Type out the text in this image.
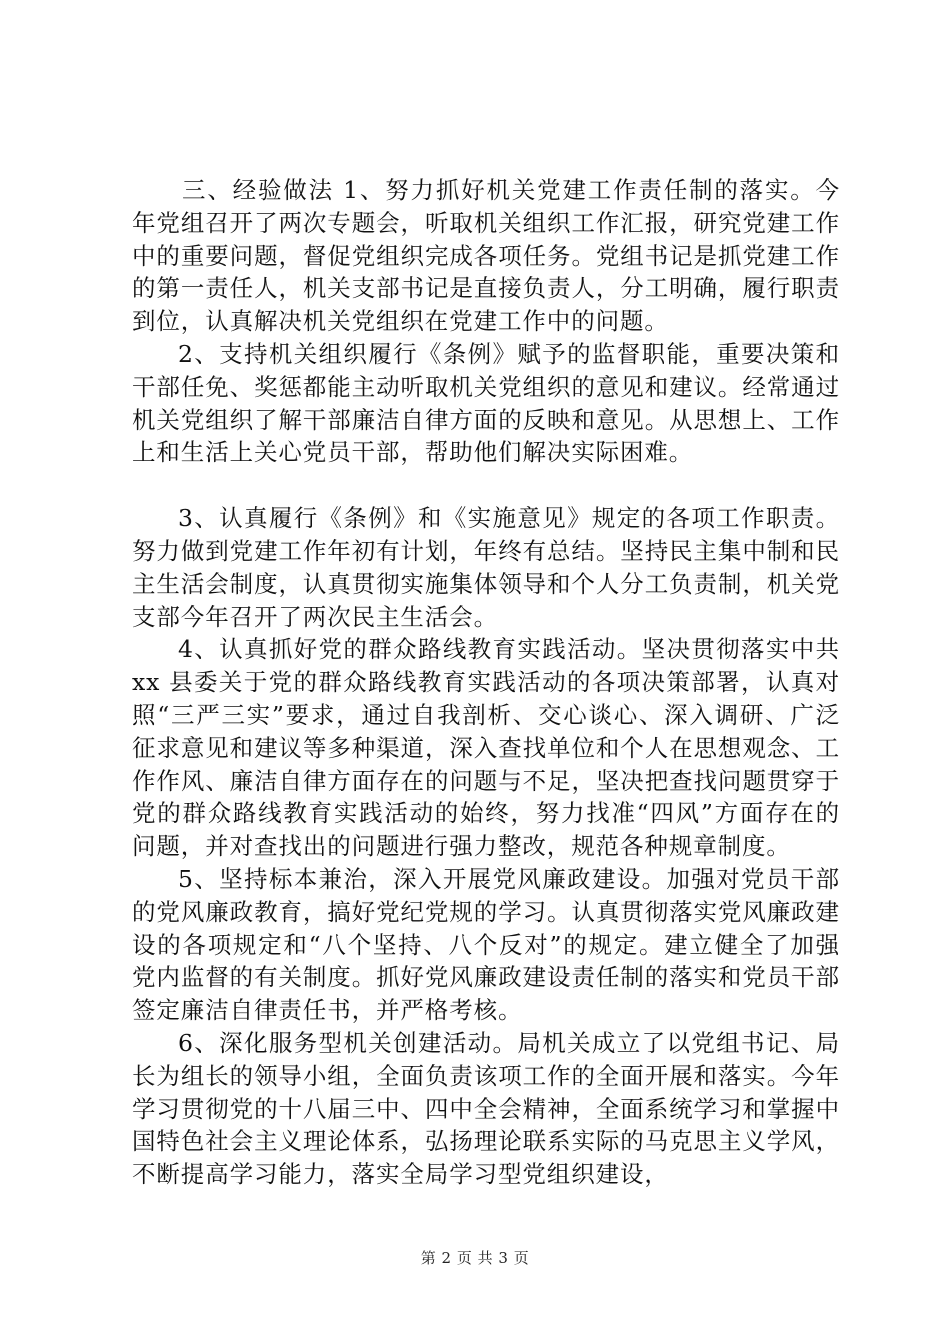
三、经验做法 1、努力抓好机关党建工作责任制的落实。今年党组召开了两次专题会，听取机关组织工作汇报，研究党建工作中的重要问题，督促党组织完成各项任务。党组书记是抓党建工作的第一责任人，机关支部书记是直接负责人，分工明确，履行职责到位，认真解决机关党组织在党建工作中的问题。

2、支持机关组织履行《条例》赋予的监督职能，重要决策和干部任免、奖惩都能主动听取机关党组织的意见和建议。经常通过机关党组织了解干部廉洁自律方面的反映和意见。从思想上、工作上和生活上关心党员干部，帮助他们解决实际困难。

3、认真履行《条例》和《实施意见》规定的各项工作职责。努力做到党建工作年初有计划，年终有总结。坚持民主集中制和民主生活会制度，认真贯彻实施集体领导和个人分工负责制，机关党支部今年召开了两次民主生活会。

4、认真抓好党的群众路线教育实践活动。坚决贯彻落实中共 xx 县委关于党的群众路线教育实践活动的各项决策部署，认真对照“三严三实”要求，通过自我剖析、交心谈心、深入调研、广泛征求意见和建议等多种渠道，深入查找单位和个人在思想观念、工作作风、廉洁自律方面存在的问题与不足，坚决把查找问题贯穿于党的群众路线教育实践活动的始终，努力找准“四风”方面存在的问题，并对查找出的问题进行强力整改，规范各种规章制度。

5、坚持标本兼治，深入开展党风廉政建设。加强对党员干部的党风廉政教育，搞好党纪党规的学习。认真贯彻落实党风廉政建设的各项规定和“八个坚持、八个反对”的规定。建立健全了加强党内监督的有关制度。抓好党风廉政建设责任制的落实和党员干部签定廉洁自律责任书，并严格考核。

6、深化服务型机关创建活动。局机关成立了以党组书记、局长为组长的领导小组，全面负责该项工作的全面开展和落实。今年学习贯彻党的十八届三中、四中全会精神，全面系统学习和掌握中国特色社会主义理论体系，弘扬理论联系实际的马克思主义学风，不断提高学习能力，落实全局学习型党组织建设，

第 2 页 共 3 页
